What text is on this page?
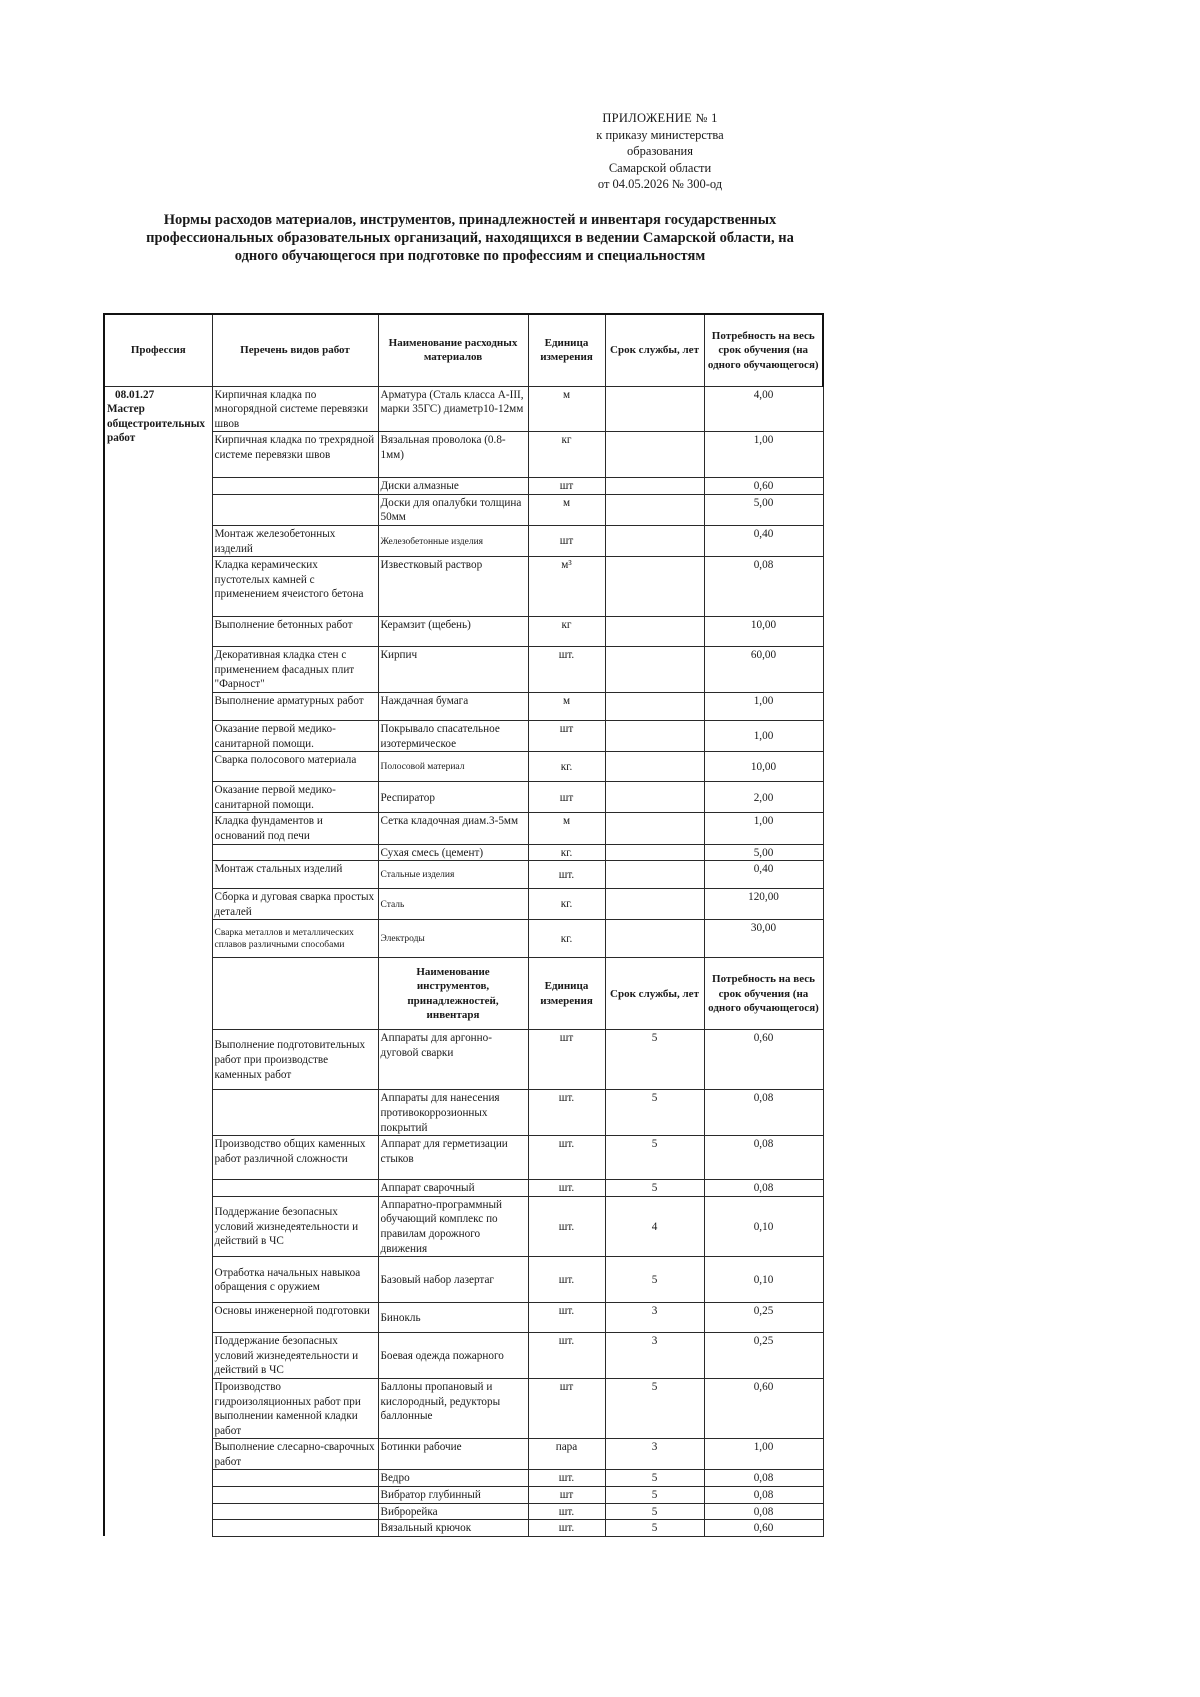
ПРИЛОЖЕНИЕ № 1
к приказу министерства
образования
Самарской области
от 04.05.2026 № 300-од
Нормы расходов материалов, инструментов, принадлежностей и инвентаря государственных
профессиональных образовательных организаций, находящихся в ведении Самарской области, на
одного обучающегося при подготовке по профессиям и специальностям
Профессия	Перечень видов работ	Наименование расходных материалов	Единица измерения	Срок службы, лет	Потребность на весь срок обучения (на одного обучающегося)

08.01.27
Мастер общестроительных работ	Кирпичная кладка по многорядной системе перевязки швов	Арматура (Сталь класса А-III, марки 35ГС) диаметр10-12мм	м		4,00
	Кирпичная кладка по трехрядной системе перевязки швов	Вязальная проволока (0.8-1мм)	кг		1,00
		Диски алмазные	шт		0,60
		Доски для опалубки толщина 50мм	м		5,00
	Монтаж железобетонных изделий	Железобетонные изделия	шт		0,40
	Кладка керамических пустотелых камней с применением ячеистого бетона	Известковый раствор	м³		0,08
	Выполнение бетонных работ	Керамзит (щебень)	кг		10,00
	Декоративная кладка стен с применением фасадных плит "Фарност"	Кирпич	шт.		60,00
	Выполнение арматурных работ	Наждачная бумага	м		1,00
	Оказание первой медико-санитарной помощи.	Покрывало спасательное изотермическое	шт		1,00
	Сварка полосового материала	Полосовой материал	кг.		10,00
	Оказание первой медико-санитарной помощи.	Респиратор	шт		2,00
	Кладка фундаментов и оснований под печи	Сетка кладочная диам.3-5мм	м		1,00
		Сухая смесь (цемент)	кг.		5,00
	Монтаж стальных изделий	Стальные изделия	шт.		0,40
	Сборка и дуговая сварка простых деталей	Сталь	кг.		120,00
	Сварка металлов и металлических сплавов различными способами	Электроды	кг.		30,00
		Наименование инструментов, принадлежностей, инвентаря	Единица измерения	Срок службы, лет	Потребность на весь срок обучения (на одного обучающегося)
	Выполнение подготовительных работ при производстве каменных работ	Аппараты для аргонно-дуговой сварки	шт	5	0,60
		Аппараты для нанесения противокоррозионных покрытий	шт.	5	0,08
	Производство общих каменных работ различной сложности	Аппарат для герметизации стыков	шт.	5	0,08
		Аппарат сварочный	шт.	5	0,08
	Поддержание безопасных условий жизнедеятельности и действий в ЧС	Аппаратно-программный обучающий комплекс по правилам дорожного движения	шт.	4	0,10
	Отработка начальных навыкоа обращения с оружием	Базовый набор лазертаг	шт.	5	0,10
	Основы инженерной подготовки	Бинокль	шт.	3	0,25
	Поддержание безопасных условий жизнедеятельности и действий в ЧС	Боевая одежда пожарного	шт.	3	0,25
	Производство гидроизоляционных работ при выполнении каменной кладки работ	Баллоны пропановый и кислородный, редукторы баллонные	шт	5	0,60
	Выполнение слесарно-сварочных работ	Ботинки рабочие	пара	3	1,00
		Ведро	шт.	5	0,08
		Вибратор глубинный	шт	5	0,08
		Виброрейка	шт.	5	0,08
		Вязальный крючок	шт.	5	0,60
